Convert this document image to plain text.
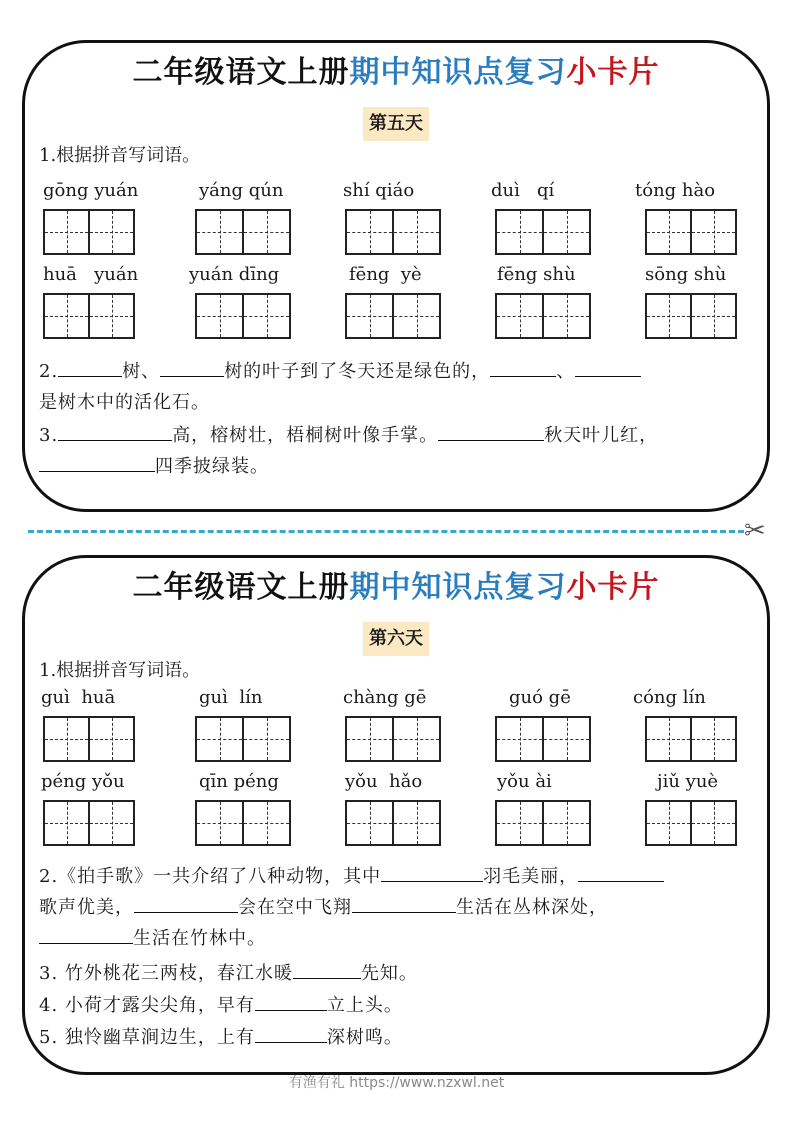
二年级语文上册期中知识点复习小卡片
第五天
1.根据拼音写词语。
gōng yuán	yáng qún	shí qiáo	duì   qí	tóng hào
huā   yuán	yuán dīng	fēng  yè	fēng shù	sōng shù
2.	树、	树的叶子到了冬天还是绿色的，	、
是树木中的活化石。
3.	高，榕树壮，梧桐树叶像手掌。	秋天叶儿红，
四季披绿装。
✂
二年级语文上册期中知识点复习小卡片
第六天
1.根据拼音写词语。
guì  huā	guì  lín	chàng gē	guó gē	cóng lín
péng yǒu	qīn péng	yǒu  hǎo	yǒu ài	jiǔ yuè
2.《拍手歌》一共介绍了八种动物，其中	羽毛美丽，
歌声优美，	会在空中飞翔	生活在丛林深处，
生活在竹林中。
3. 竹外桃花三两枝，春江水暖	先知。
4. 小荷才露尖尖角，早有	立上头。
5. 独怜幽草涧边生，上有	深树鸣。
有渔有礼 https://www.nzxwl.net
